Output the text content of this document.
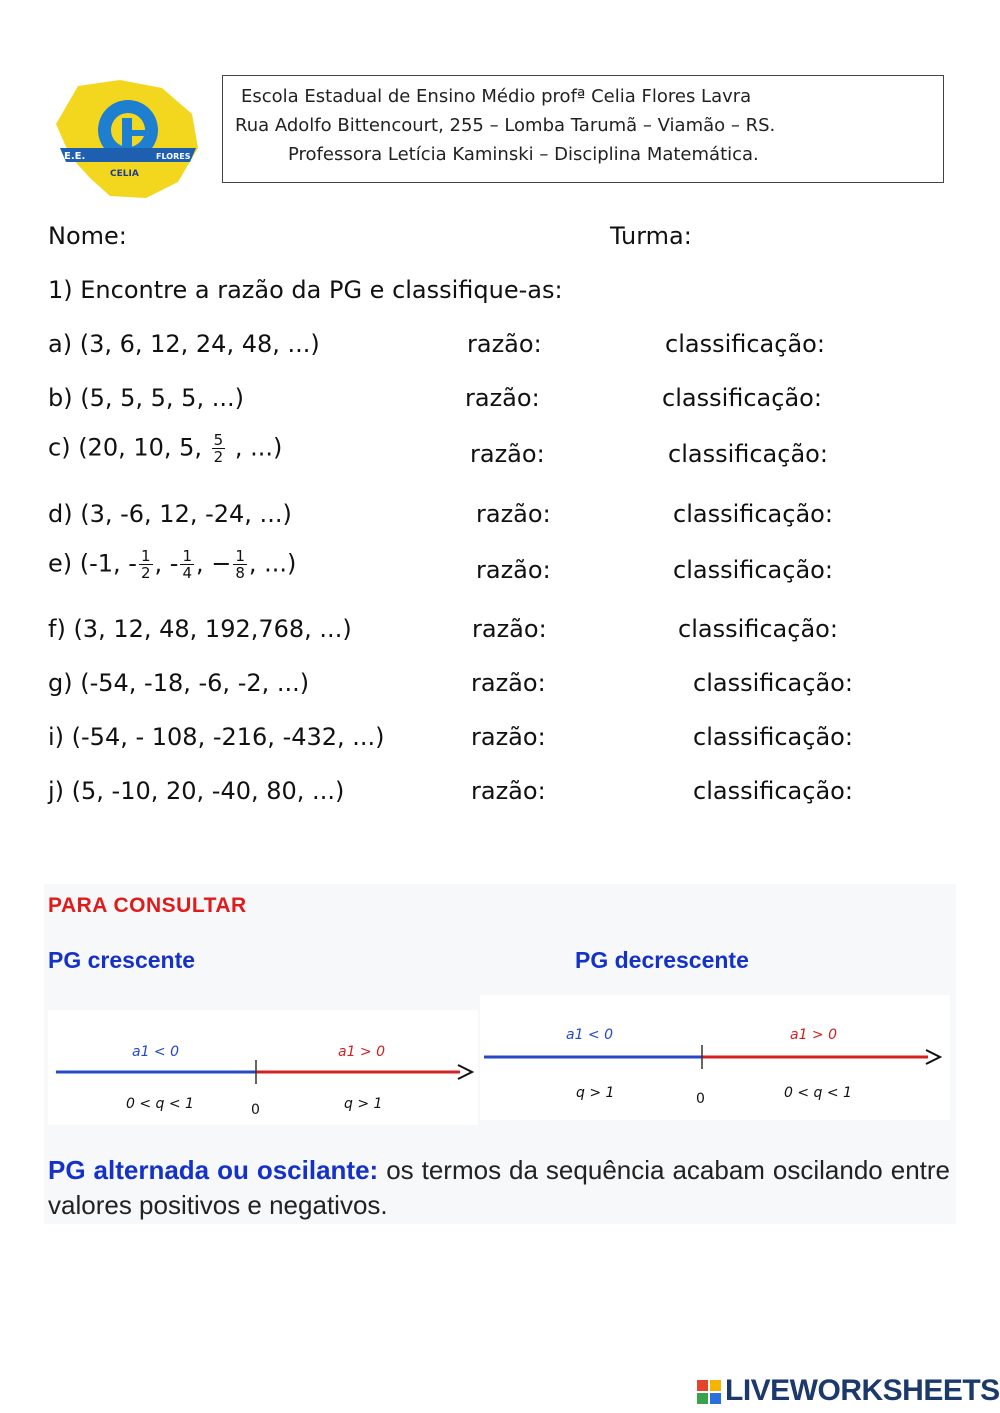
E.E.
CELIA
FLORES
Escola Estadual de Ensino Médio profª Celia Flores Lavra
Rua Adolfo Bittencourt, 255 – Lomba Tarumã – Viamão – RS.
Professora Letícia Kaminski – Disciplina Matemática.
Nome:	Turma:
1) Encontre a razão da PG e classifique-as:
a) (3, 6, 12, 24, 48, ...)	razão:	classificação:
b) (5, 5, 5, 5, ...)	razão:	classificação:
c) (20, 10, 5, $\frac{5}{2}$ , ...)	razão:	classificação:
d) (3, -6, 12, -24, ...)	razão:	classificação:
e) (-1, - $\frac{1}{2}$ , - $\frac{1}{4}$ , − $\frac{1}{8}$ , ...)	razão:	classificação:
f) (3, 12, 48, 192,768, ...)	razão:	classificação:
g) (-54, -18, -6, -2, ...)	razão:	classificação:
i) (-54, - 108, -216, -432, ...)	razão:	classificação:
j) (5, -10, 20, -40, 80, ...)	razão:	classificação:
PARA CONSULTAR
PG crescente	PG decrescente
a1 < 0	a1 > 0
0 < q < 1	0	q > 1
a1 < 0	a1 > 0
q > 1	0	0 < q < 1
PG alternada ou oscilante: os termos da sequência acabam oscilando entre valores positivos e negativos.
LIVEWORKSHEETS
